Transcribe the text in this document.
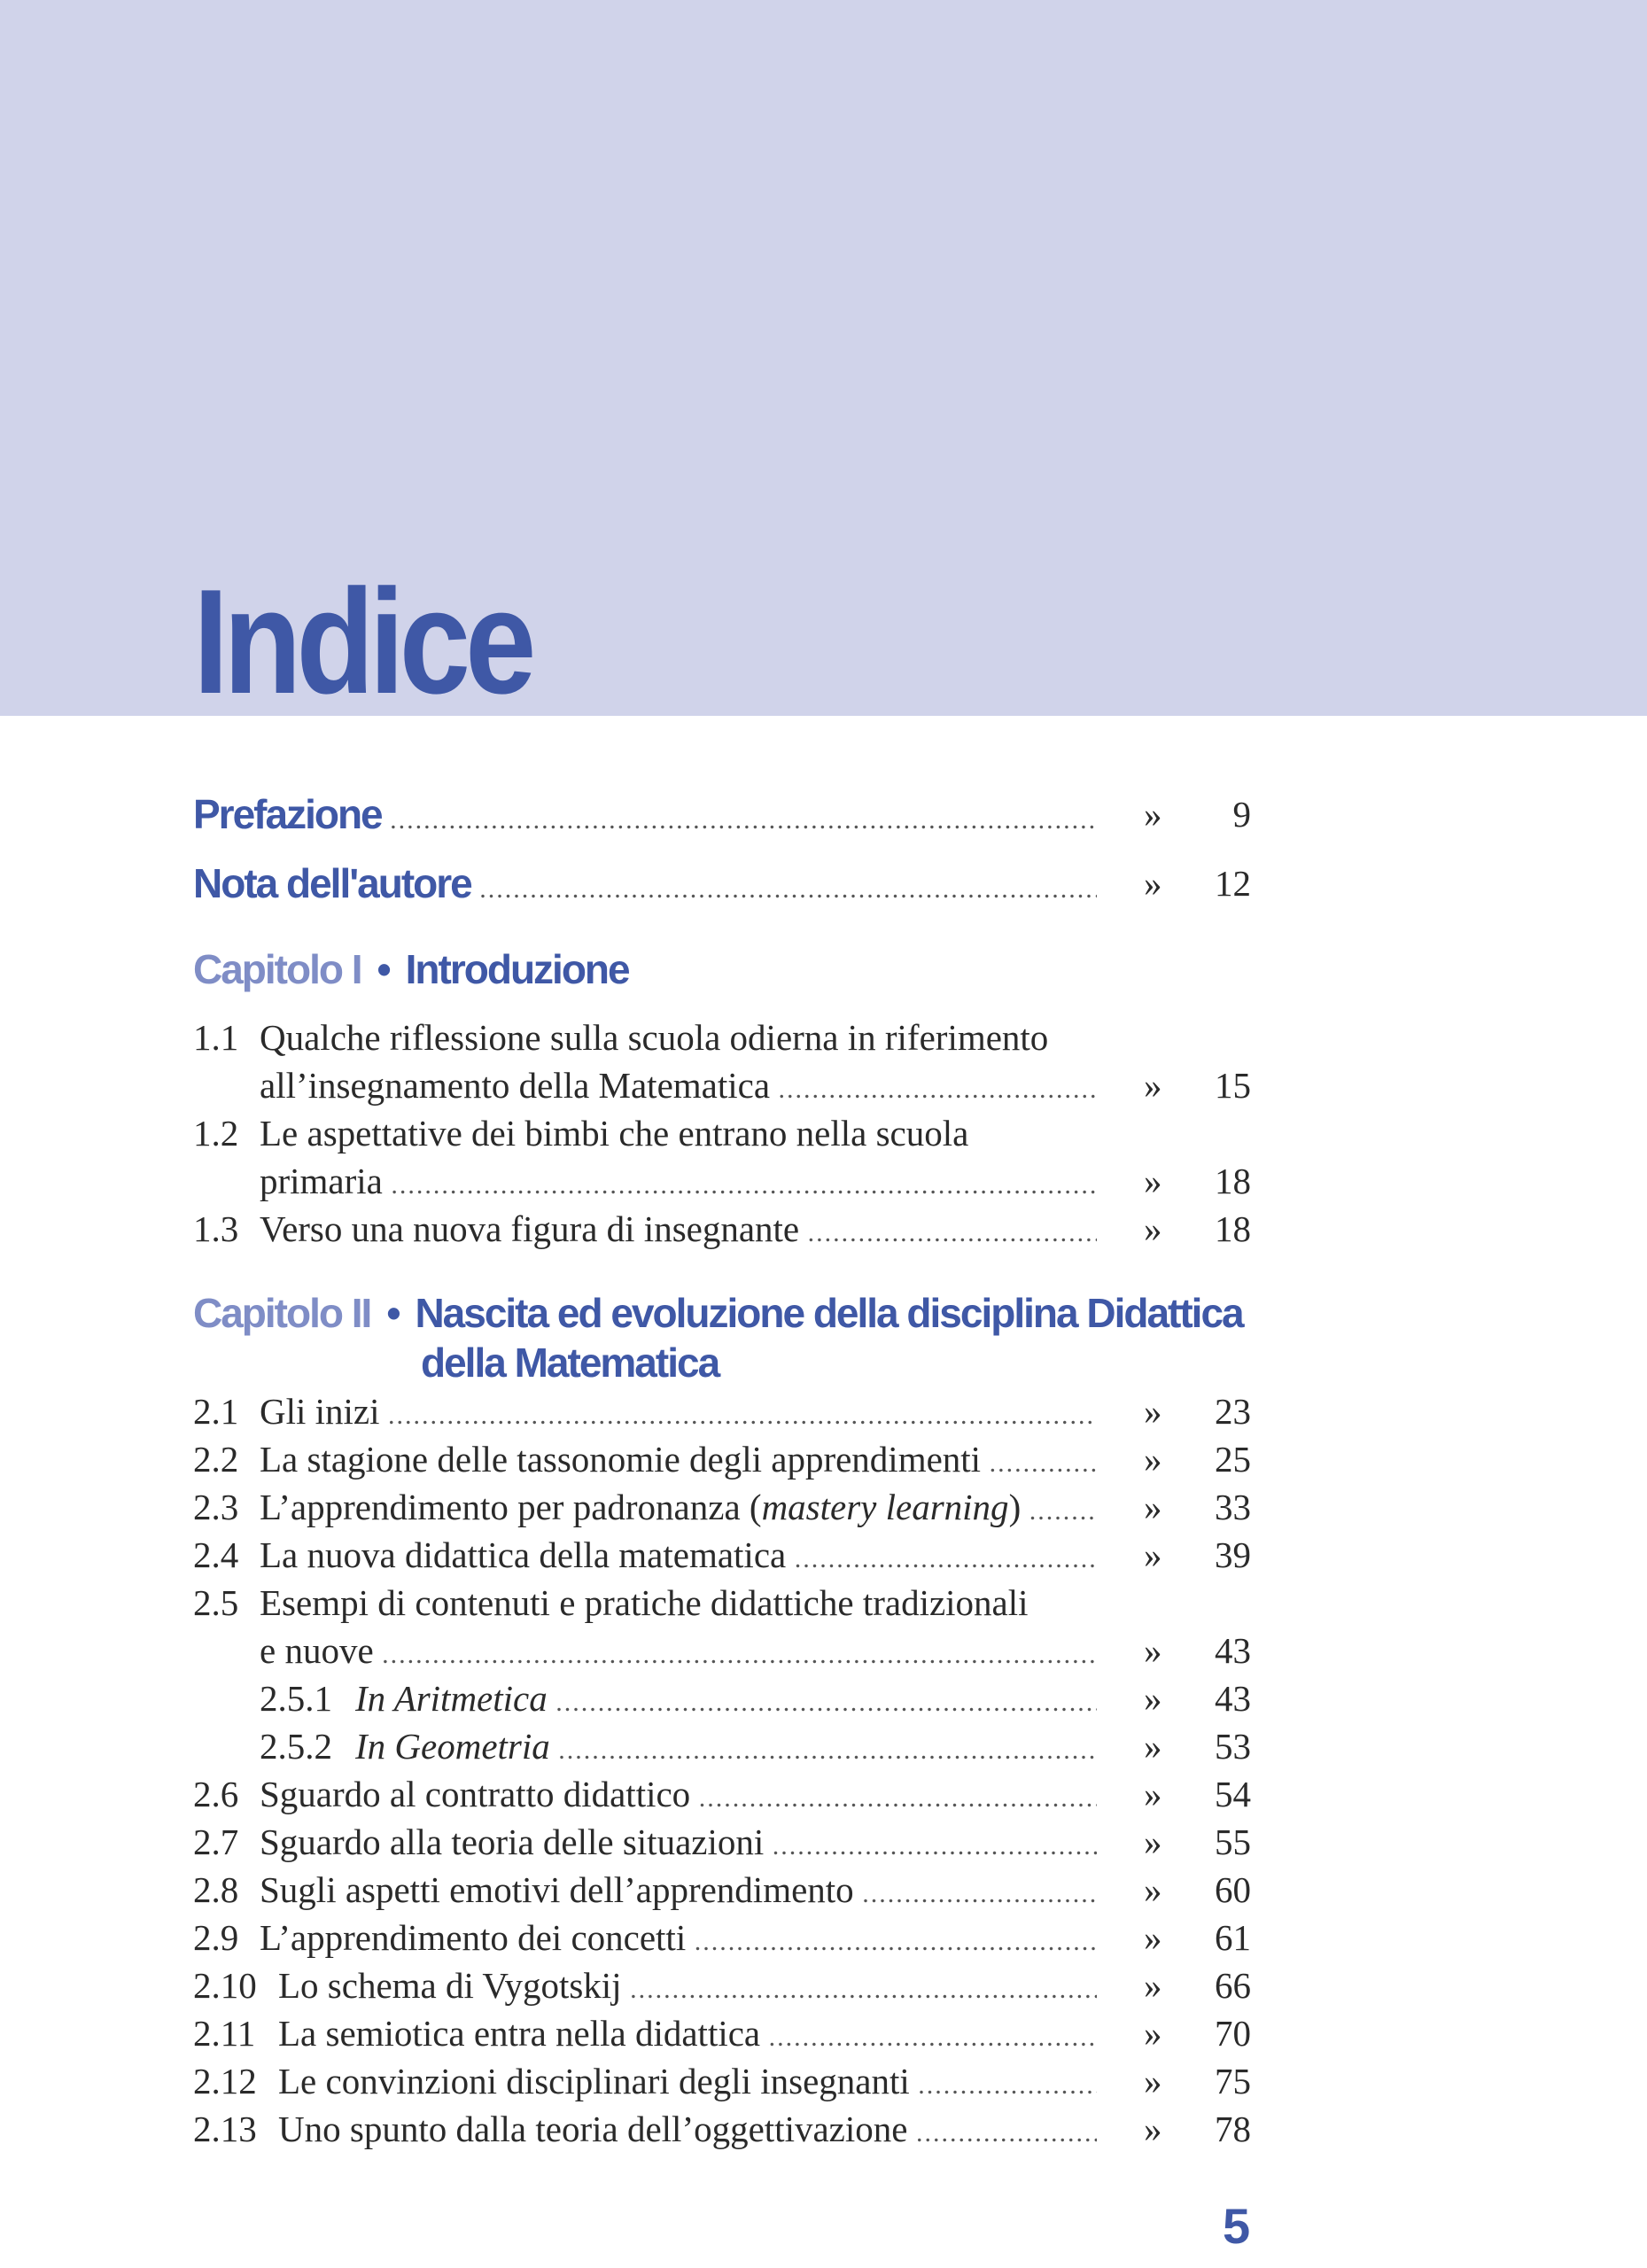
Indice
Prefazione .....	»	9
Nota dell'autore .....	»	12
Capitolo I • Introduzione
1.1 Qualche riflessione sulla scuola odierna in riferimento
all’insegnamento della Matematica .....	»	15
1.2 Le aspettative dei bimbi che entrano nella scuola
primaria .....	»	18
1.3 Verso una nuova figura di insegnante .....	»	18
Capitolo II • Nascita ed evoluzione della disciplina Didattica
della Matematica
2.1 Gli inizi .....	»	23
2.2 La stagione delle tassonomie degli apprendimenti .....	»	25
2.3 L’apprendimento per padronanza (mastery learning) .....	»	33
2.4 La nuova didattica della matematica .....	»	39
2.5 Esempi di contenuti e pratiche didattiche tradizionali
e nuove .....	»	43
2.5.1 In Aritmetica .....	»	43
2.5.2 In Geometria .....	»	53
2.6 Sguardo al contratto didattico .....	»	54
2.7 Sguardo alla teoria delle situazioni .....	»	55
2.8 Sugli aspetti emotivi dell’apprendimento .....	»	60
2.9 L’apprendimento dei concetti .....	»	61
2.10 Lo schema di Vygotskij .....	»	66
2.11 La semiotica entra nella didattica .....	»	70
2.12 Le convinzioni disciplinari degli insegnanti .....	»	75
2.13 Uno spunto dalla teoria dell’oggettivazione .....	»	78
5
